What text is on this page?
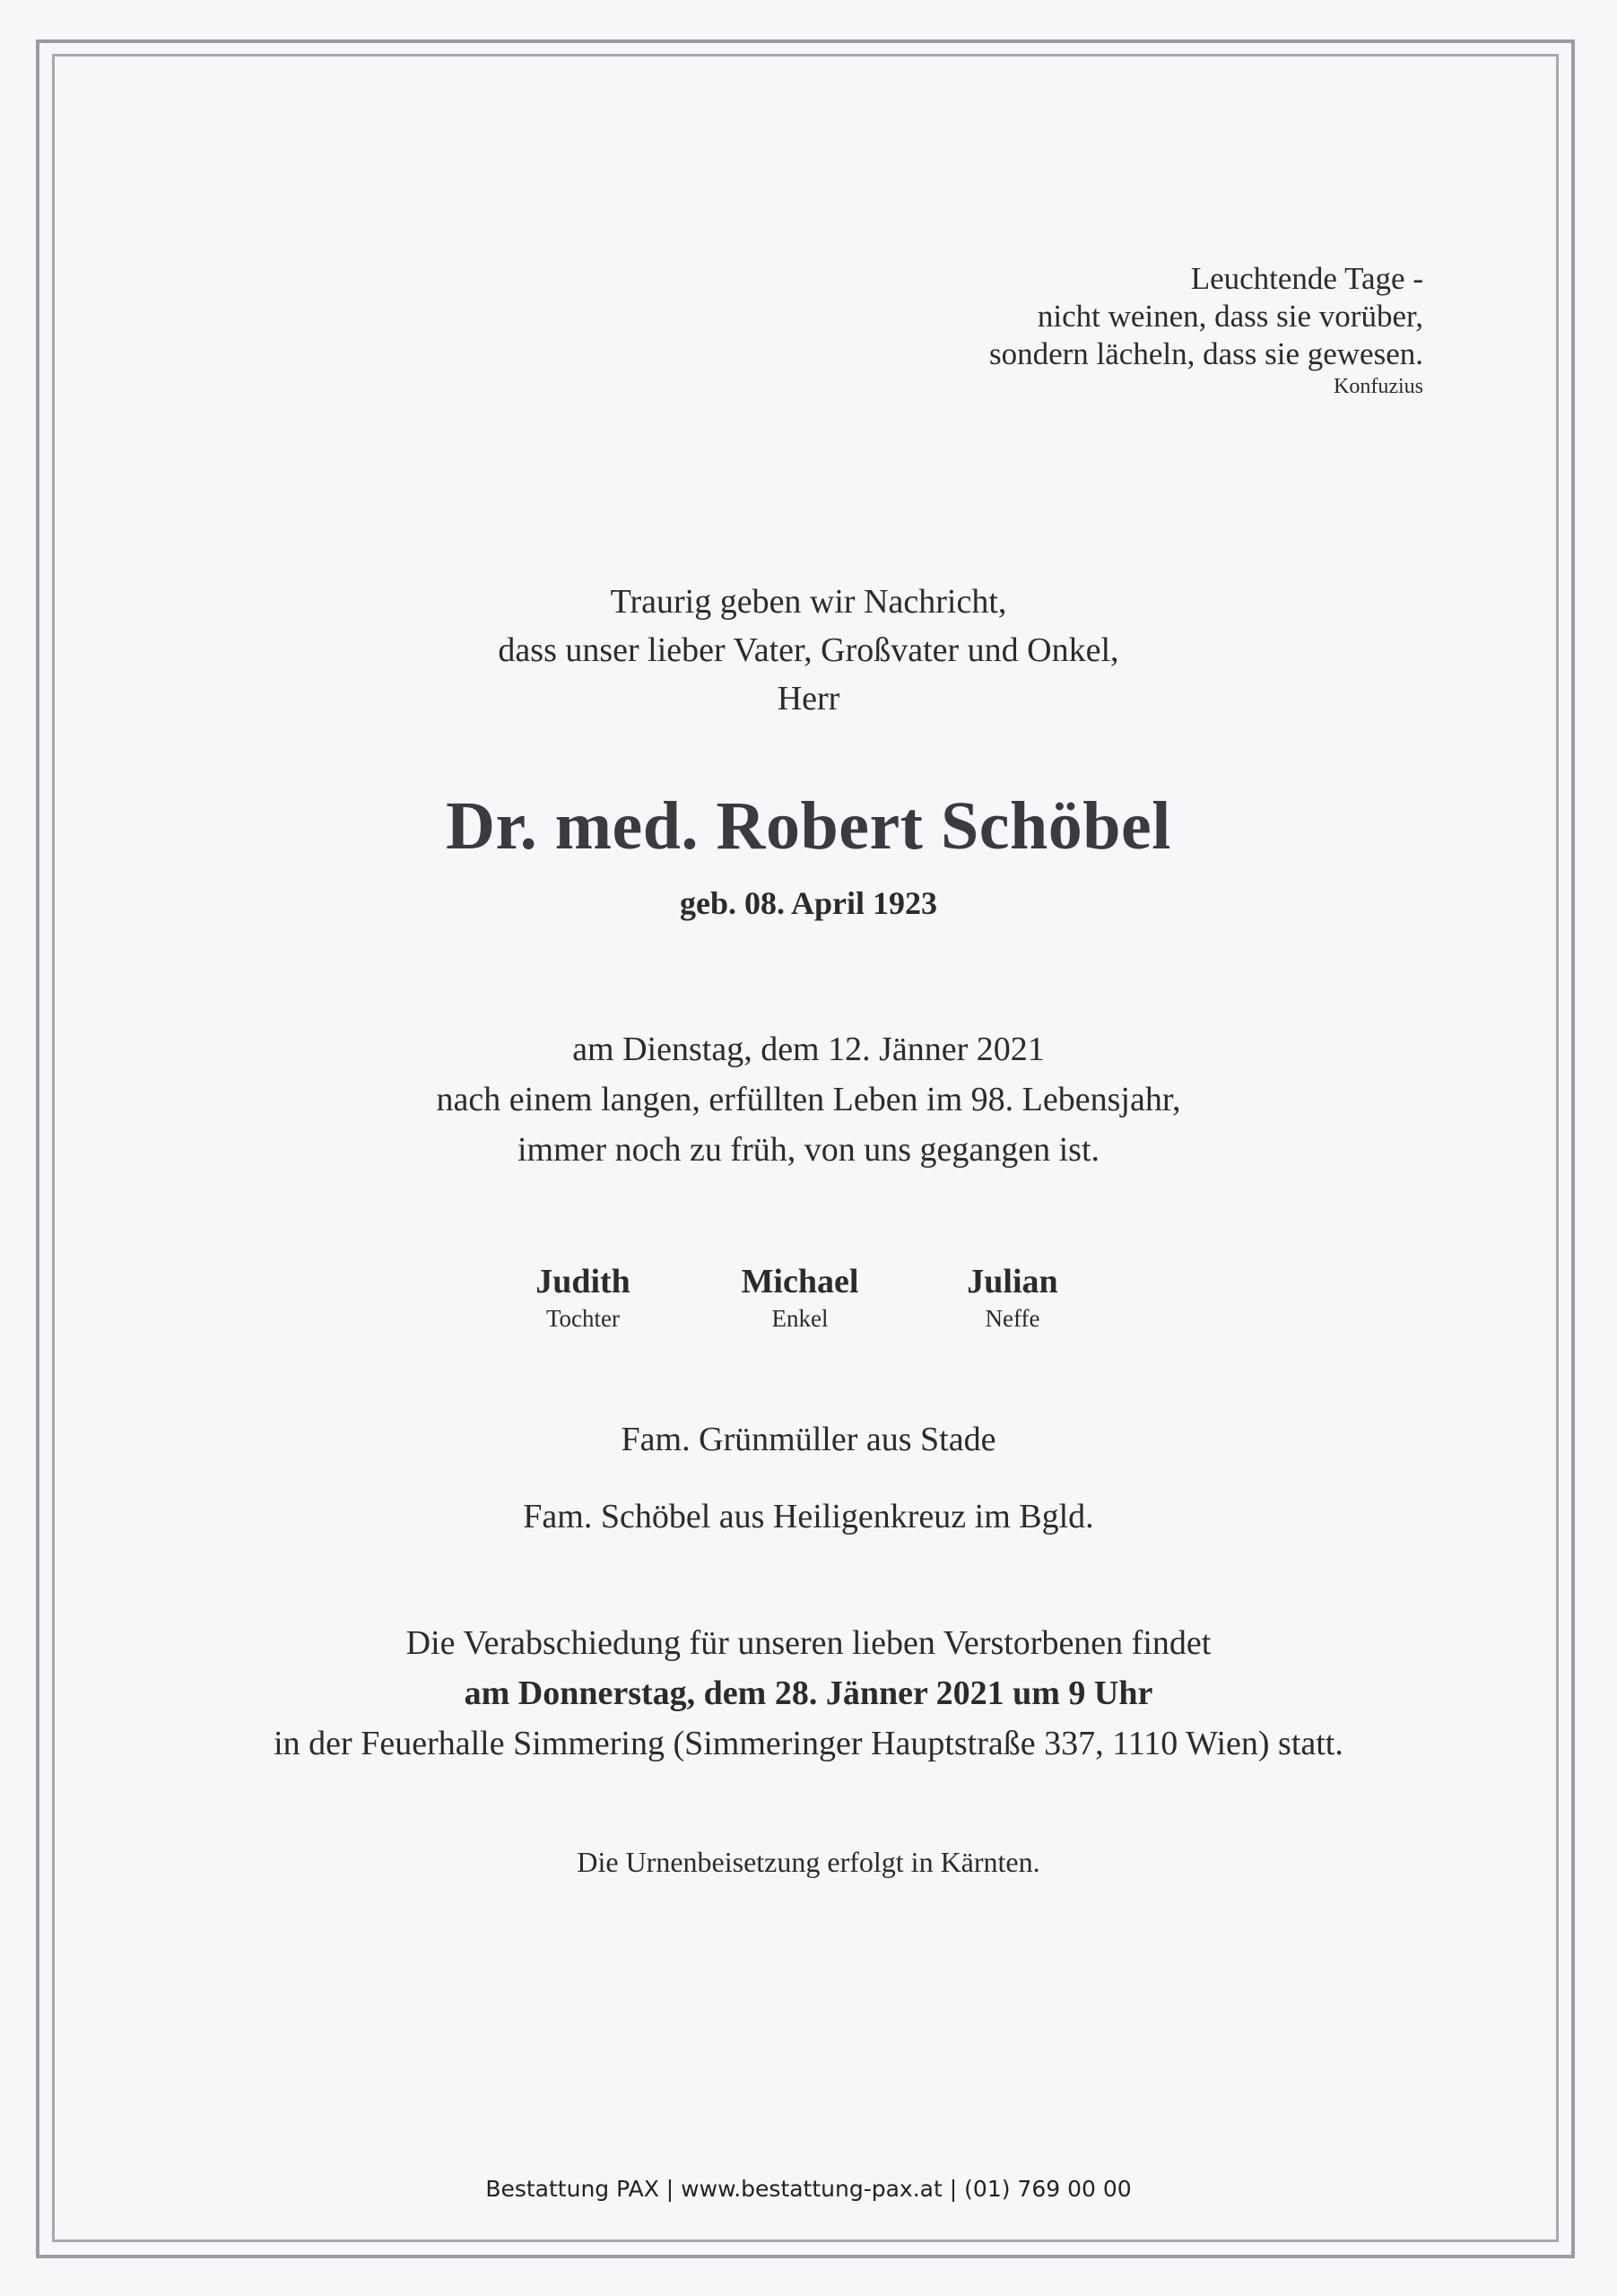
Leuchtende Tage -
nicht weinen, dass sie vorüber,
sondern lächeln, dass sie gewesen.
Konfuzius
Traurig geben wir Nachricht,
dass unser lieber Vater, Großvater und Onkel,
Herr
Dr. med. Robert Schöbel
geb. 08. April 1923
am Dienstag, dem 12. Jänner 2021
nach einem langen, erfüllten Leben im 98. Lebensjahr,
immer noch zu früh, von uns gegangen ist.
Judith
Tochter
Michael
Enkel
Julian
Neffe
Fam. Grünmüller aus Stade
Fam. Schöbel aus Heiligenkreuz im Bgld.
Die Verabschiedung für unseren lieben Verstorbenen findet
am Donnerstag, dem 28. Jänner 2021 um 9 Uhr
in der Feuerhalle Simmering (Simmeringer Hauptstraße 337, 1110 Wien) statt.
Die Urnenbeisetzung erfolgt in Kärnten.
Bestattung PAX | www.bestattung-pax.at | (01) 769 00 00
